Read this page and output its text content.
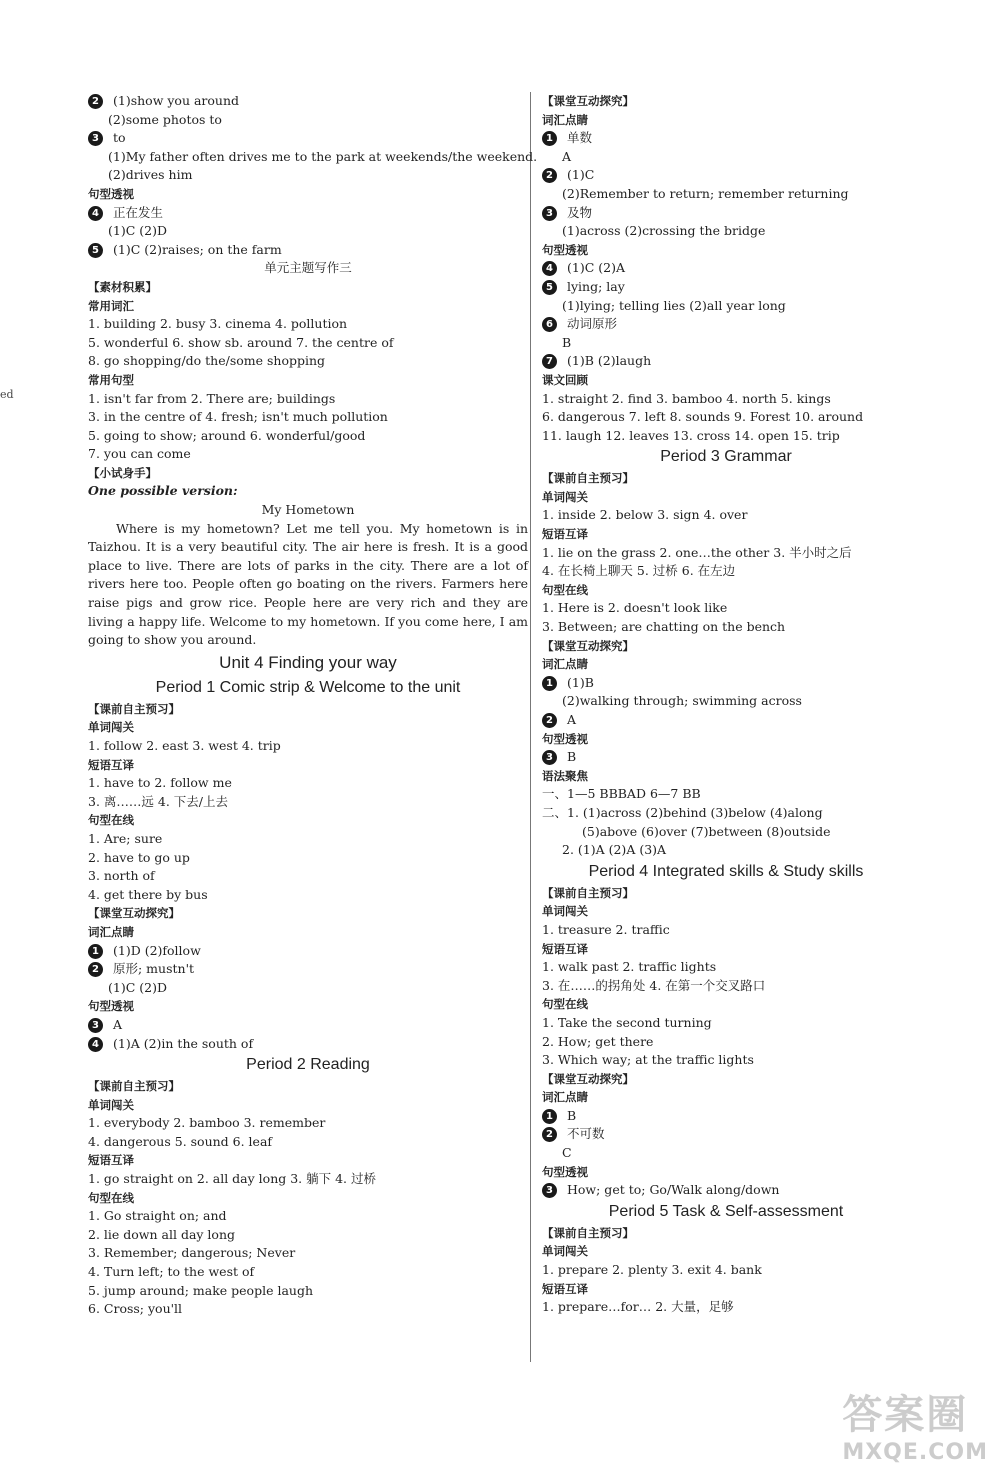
ed
2 (1)show you around
(2)some photos to
3 to
(1)My father often drives me to the park at weekends/the weekend.
(2)drives him
句型透视
4 正在发生
(1)C (2)D
5 (1)C (2)raises; on the farm
单元主题写作三
【素材积累】
常用词汇
1. building 2. busy 3. cinema 4. pollution
5. wonderful 6. show sb. around 7. the centre of
8. go shopping/do the/some shopping
常用句型
1. isn't far from 2. There are; buildings
3. in the centre of 4. fresh; isn't much pollution
5. going to show; around 6. wonderful/good
7. you can come
【小试身手】
One possible version:
My Hometown
Where is my hometown? Let me tell you. My hometown is in Taizhou. It is a very beautiful city. The air here is fresh. It is a good place to live. There are lots of parks in the city. There are a lot of rivers here too. People often go boating on the rivers. Farmers here raise pigs and grow rice. People here are very rich and they are living a happy life. Welcome to my hometown. If you come here, I am going to show you around.
Unit 4 Finding your way
Period 1 Comic strip & Welcome to the unit
【课前自主预习】
单词闯关
1. follow 2. east 3. west 4. trip
短语互译
1. have to 2. follow me
3. 离……远 4. 下去/上去
句型在线
1. Are; sure
2. have to go up
3. north of
4. get there by bus
【课堂互动探究】
词汇点睛
1 (1)D (2)follow
2 原形; mustn't
(1)C (2)D
句型透视
3 A
4 (1)A (2)in the south of
Period 2 Reading
【课前自主预习】
单词闯关
1. everybody 2. bamboo 3. remember
4. dangerous 5. sound 6. leaf
短语互译
1. go straight on 2. all day long 3. 躺下 4. 过桥
句型在线
1. Go straight on; and
2. lie down all day long
3. Remember; dangerous; Never
4. Turn left; to the west of
5. jump around; make people laugh
6. Cross; you'll
【课堂互动探究】
词汇点睛
1 单数
A
2 (1)C
(2)Remember to return; remember returning
3 及物
(1)across (2)crossing the bridge
句型透视
4 (1)C (2)A
5 lying; lay
(1)lying; telling lies (2)all year long
6 动词原形
B
7 (1)B (2)laugh
课文回顾
1. straight 2. find 3. bamboo 4. north 5. kings
6. dangerous 7. left 8. sounds 9. Forest 10. around
11. laugh 12. leaves 13. cross 14. open 15. trip
Period 3 Grammar
【课前自主预习】
单词闯关
1. inside 2. below 3. sign 4. over
短语互译
1. lie on the grass 2. one…the other 3. 半小时之后
4. 在长椅上聊天 5. 过桥 6. 在左边
句型在线
1. Here is 2. doesn't look like
3. Between; are chatting on the bench
【课堂互动探究】
词汇点睛
1 (1)B
(2)walking through; swimming across
2 A
句型透视
3 B
语法聚焦
一、1—5 BBBAD 6—7 BB
二、1. (1)across (2)behind (3)below (4)along
(5)above (6)over (7)between (8)outside
2. (1)A (2)A (3)A
Period 4 Integrated skills & Study skills
【课前自主预习】
单词闯关
1. treasure 2. traffic
短语互译
1. walk past 2. traffic lights
3. 在……的拐角处 4. 在第一个交叉路口
句型在线
1. Take the second turning
2. How; get there
3. Which way; at the traffic lights
【课堂互动探究】
词汇点睛
1 B
2 不可数
C
句型透视
3 How; get to; Go/Walk along/down
Period 5 Task & Self-assessment
【课前自主预习】
单词闯关
1. prepare 2. plenty 3. exit 4. bank
短语互译
1. prepare…for… 2. 大量，足够
答案圈
MXQE.COM
